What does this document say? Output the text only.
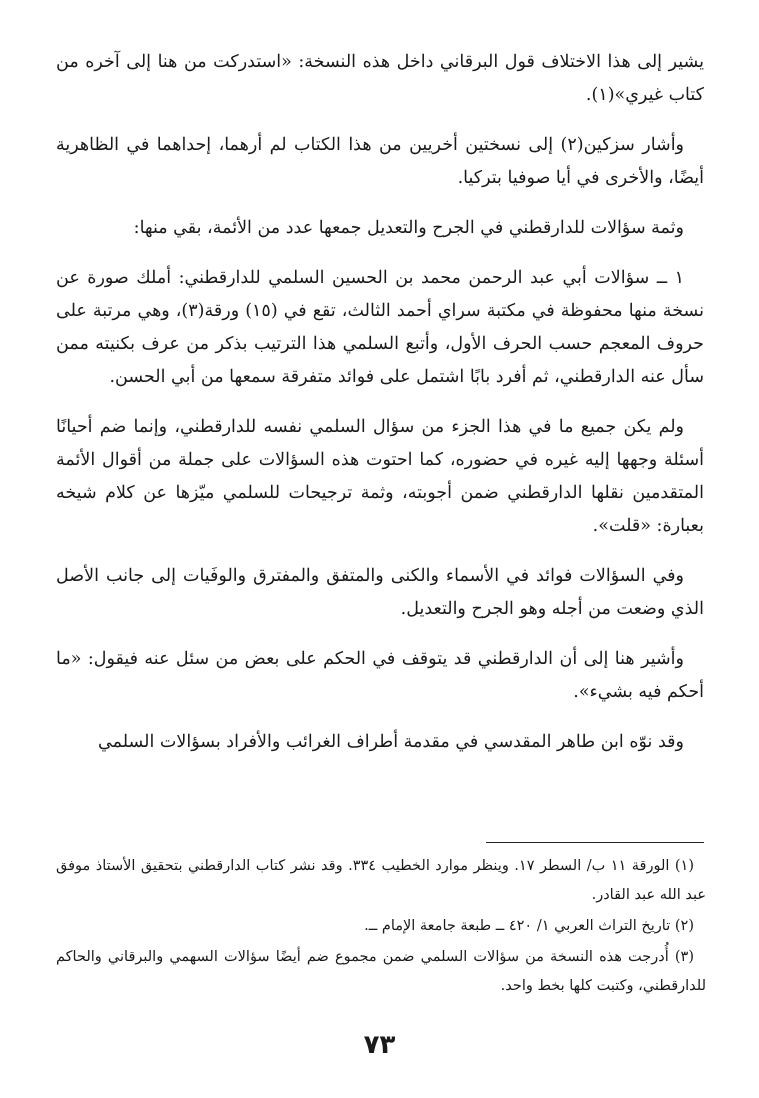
يشير إلى هذا الاختلاف قول البرقاني داخل هذه النسخة: «استدركت من هنا إلى آخره من كتاب غيري»(١).

وأشار سزكين(٢) إلى نسختين أخريين من هذا الكتاب لم أرهما، إحداهما في الظاهرية أيضًا، والأخرى في أيا صوفيا بتركيا.

وثمة سؤالات للدارقطني في الجرح والتعديل جمعها عدد من الأئمة، بقي منها:

١ ــ سؤالات أبي عبد الرحمن محمد بن الحسين السلمي للدارقطني: أملك صورة عن نسخة منها محفوظة في مكتبة سراي أحمد الثالث، تقع في (١٥) ورقة(٣)، وهي مرتبة على حروف المعجم حسب الحرف الأول، وأتبع السلمي هذا الترتيب بذكر من عرف بكنيته ممن سأل عنه الدارقطني، ثم أفرد بابًا اشتمل على فوائد متفرقة سمعها من أبي الحسن.

ولم يكن جميع ما في هذا الجزء من سؤال السلمي نفسه للدارقطني، وإنما ضم أحيانًا أسئلة وجهها إليه غيره في حضوره، كما احتوت هذه السؤالات على جملة من أقوال الأئمة المتقدمين نقلها الدارقطني ضمن أجوبته، وثمة ترجيحات للسلمي ميّزها عن كلام شيخه بعبارة: «قلت».

وفي السؤالات فوائد في الأسماء والكنى والمتفق والمفترق والوفَيات إلى جانب الأصل الذي وضعت من أجله وهو الجرح والتعديل.

وأشير هنا إلى أن الدارقطني قد يتوقف في الحكم على بعض من سئل عنه فيقول: «ما أحكم فيه بشيء».

وقد نوّه ابن طاهر المقدسي في مقدمة أطراف الغرائب والأفراد بسؤالات السلمي

(١) الورقة ١١ ب/ السطر ١٧. وينظر موارد الخطيب ٣٣٤. وقد نشر كتاب الدارقطني بتحقيق الأستاذ موفق عبد الله عبد القادر.

(٢) تاريخ التراث العربي ١/ ٤٢٠ ــ طبعة جامعة الإمام ــ.

(٣) أُدرجت هذه النسخة من سؤالات السلمي ضمن مجموع ضم أيضًا سؤالات السهمي والبرقاني والحاكم للدارقطني، وكتبت كلها بخط واحد.

٧٣
